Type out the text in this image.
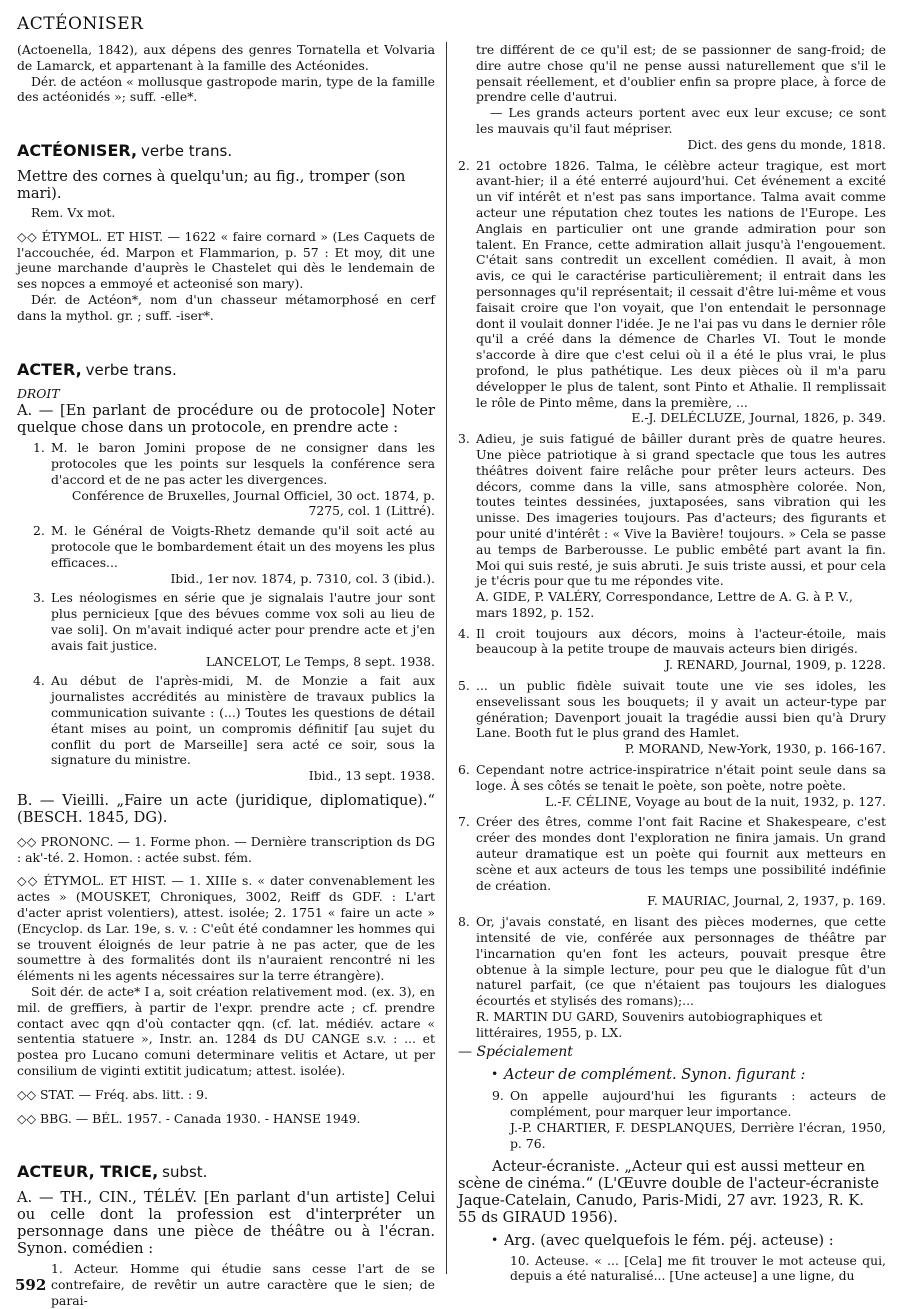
ACTÉONISER

(Actoenella, 1842), aux dépens des genres Tornatella et Volvaria de Lamarck, et appartenant à la famille des Actéonides.

Dér. de actéon « mollusque gastropode marin, type de la famille des actéonidés »; suff. -elle*.

ACTÉONISER, verbe trans.

Mettre des cornes à quelqu'un; au fig., tromper (son mari).

Rem. Vx mot.

◇◇ ÉTYMOL. ET HIST. — 1622 « faire cornard » (Les Caquets de l'accouchée, éd. Marpon et Flammarion, p. 57 : Et moy, dit une jeune marchande d'auprès le Chastelet qui dès le lendemain de ses nopces a emmoyé et acteonisé son mary).

Dér. de Actéon*, nom d'un chasseur métamorphosé en cerf dans la mythol. gr. ; suff. -iser*.

ACTER, verbe trans.

DROIT

A. — [En parlant de procédure ou de protocole] Noter quelque chose dans un protocole, en prendre acte :

1. M. le baron Jomini propose de ne consigner dans les protocoles que les points sur lesquels la conférence sera d'accord et de ne pas acter les divergences.

Conférence de Bruxelles, Journal Officiel, 30 oct. 1874, p. 7275, col. 1 (Littré).

2. M. le Général de Voigts-Rhetz demande qu'il soit acté au protocole que le bombardement était un des moyens les plus efficaces...

Ibid., 1er nov. 1874, p. 7310, col. 3 (ibid.).

3. Les néologismes en série que je signalais l'autre jour sont plus pernicieux [que des bévues comme vox soli au lieu de vae soli]. On m'avait indiqué acter pour prendre acte et j'en avais fait justice.

LANCELOT, Le Temps, 8 sept. 1938.

4. Au début de l'après-midi, M. de Monzie a fait aux journalistes accrédités au ministère de travaux publics la communication suivante : (...) Toutes les questions de détail étant mises au point, un compromis définitif [au sujet du conflit du port de Marseille] sera acté ce soir, sous la signature du ministre.

Ibid., 13 sept. 1938.

B. — Vieilli. „Faire un acte (juridique, diplomatique).“ (BESCH. 1845, DG).

◇◇ PRONONC. — 1. Forme phon. — Dernière transcription ds DG : ak'-té. 2. Homon. : actée subst. fém.

◇◇ ÉTYMOL. ET HIST. — 1. XIIIe s. « dater convenablement les actes » (MOUSKET, Chroniques, 3002, Reiff ds GDF. : L'art d'acter aprist volentiers), attest. isolée; 2. 1751 « faire un acte » (Encyclop. ds Lar. 19e, s. v. : C'eût été condamner les hommes qui se trouvent éloignés de leur patrie à ne pas acter, que de les soumettre à des formalités dont ils n'auraient rencontré ni les éléments ni les agents nécessaires sur la terre étrangère).

Soit dér. de acte* I a, soit création relativement mod. (ex. 3), en mil. de greffiers, à partir de l'expr. prendre acte ; cf. prendre contact avec qqn d'où contacter qqn. (cf. lat. médiév. actare « sententia statuere », Instr. an. 1284 ds DU CANGE s.v. : ... et postea pro Lucano comuni determinare velitis et Actare, ut per consilium de viginti extitit judicatum; attest. isolée).

◇◇ STAT. — Fréq. abs. litt. : 9.

◇◇ BBG. — BÉL. 1957. - Canada 1930. - HANSE 1949.

ACTEUR, TRICE, subst.

A. — TH., CIN., TÉLÉV. [En parlant d'un artiste] Celui ou celle dont la profession est d'interpréter un personnage dans une pièce de théâtre ou à l'écran. Synon. comédien :

1. Acteur. Homme qui étudie sans cesse l'art de se contrefaire, de revêtir un autre caractère que le sien; de parai-

tre différent de ce qu'il est; de se passionner de sang-froid; de dire autre chose qu'il ne pense aussi naturellement que s'il le pensait réellement, et d'oublier enfin sa propre place, à force de prendre celle d'autrui.

— Les grands acteurs portent avec eux leur excuse; ce sont les mauvais qu'il faut mépriser.

Dict. des gens du monde, 1818.

2. 21 octobre 1826. Talma, le célèbre acteur tragique, est mort avant-hier; il a été enterré aujourd'hui. Cet événement a excité un vif intérêt et n'est pas sans importance. Talma avait comme acteur une réputation chez toutes les nations de l'Europe. Les Anglais en particulier ont une grande admiration pour son talent. En France, cette admiration allait jusqu'à l'engouement. C'était sans contredit un excellent comédien. Il avait, à mon avis, ce qui le caractérise particulièrement; il entrait dans les personnages qu'il représentait; il cessait d'être lui-même et vous faisait croire que l'on voyait, que l'on entendait le personnage dont il voulait donner l'idée. Je ne l'ai pas vu dans le dernier rôle qu'il a créé dans la démence de Charles VI. Tout le monde s'accorde à dire que c'est celui où il a été le plus vrai, le plus profond, le plus pathétique. Les deux pièces où il m'a paru développer le plus de talent, sont Pinto et Athalie. Il remplissait le rôle de Pinto même, dans la première, ...

E.-J. DELÉCLUZE, Journal, 1826, p. 349.

3. Adieu, je suis fatigué de bâiller durant près de quatre heures. Une pièce patriotique à si grand spectacle que tous les autres théâtres doivent faire relâche pour prêter leurs acteurs. Des décors, comme dans la ville, sans atmosphère colorée. Non, toutes teintes dessinées, juxtaposées, sans vibration qui les unisse. Des imageries toujours. Pas d'acteurs; des figurants et pour unité d'intérêt : « Vive la Bavière! toujours. » Cela se passe au temps de Barberousse. Le public embêté part avant la fin. Moi qui suis resté, je suis abruti. Je suis triste aussi, et pour cela je t'écris pour que tu me répondes vite.

A. GIDE, P. VALÉRY, Correspondance, Lettre de A. G. à P. V., mars 1892, p. 152.

4. Il croit toujours aux décors, moins à l'acteur-étoile, mais beaucoup à la petite troupe de mauvais acteurs bien dirigés.

J. RENARD, Journal, 1909, p. 1228.

5. ... un public fidèle suivait toute une vie ses idoles, les ensevelissant sous les bouquets; il y avait un acteur-type par génération; Davenport jouait la tragédie aussi bien qu'à Drury Lane. Booth fut le plus grand des Hamlet.

P. MORAND, New-York, 1930, p. 166-167.

6. Cependant notre actrice-inspiratrice n'était point seule dans sa loge. À ses côtés se tenait le poète, son poète, notre poète.

L.-F. CÉLINE, Voyage au bout de la nuit, 1932, p. 127.

7. Créer des êtres, comme l'ont fait Racine et Shakespeare, c'est créer des mondes dont l'exploration ne finira jamais. Un grand auteur dramatique est un poète qui fournit aux metteurs en scène et aux acteurs de tous les temps une possibilité indéfinie de création.

F. MAURIAC, Journal, 2, 1937, p. 169.

8. Or, j'avais constaté, en lisant des pièces modernes, que cette intensité de vie, conférée aux personnages de théâtre par l'incarnation qu'en font les acteurs, pouvait presque être obtenue à la simple lecture, pour peu que le dialogue fût d'un naturel parfait, (ce que n'étaient pas toujours les dialogues écourtés et stylisés des romans);...

R. MARTIN DU GARD, Souvenirs autobiographiques et littéraires, 1955, p. LX.

— Spécialement

• Acteur de complément. Synon. figurant :
9. On appelle aujourd'hui les figurants : acteurs de complément, pour marquer leur importance.

J.-P. CHARTIER, F. DESPLANQUES, Derrière l'écran, 1950, p. 76.

Acteur-écraniste. „Acteur qui est aussi metteur en scène de cinéma.“ (L'Œuvre double de l'acteur-écraniste Jaque-Catelain, Canudo, Paris-Midi, 27 avr. 1923, R. K. 55 ds GIRAUD 1956).
• Arg. (avec quelquefois le fém. péj. acteuse) :

10. Acteuse. « ... [Cela] me fit trouver le mot acteuse qui, depuis a été naturalisé... [Une acteuse] a une ligne, du

592
